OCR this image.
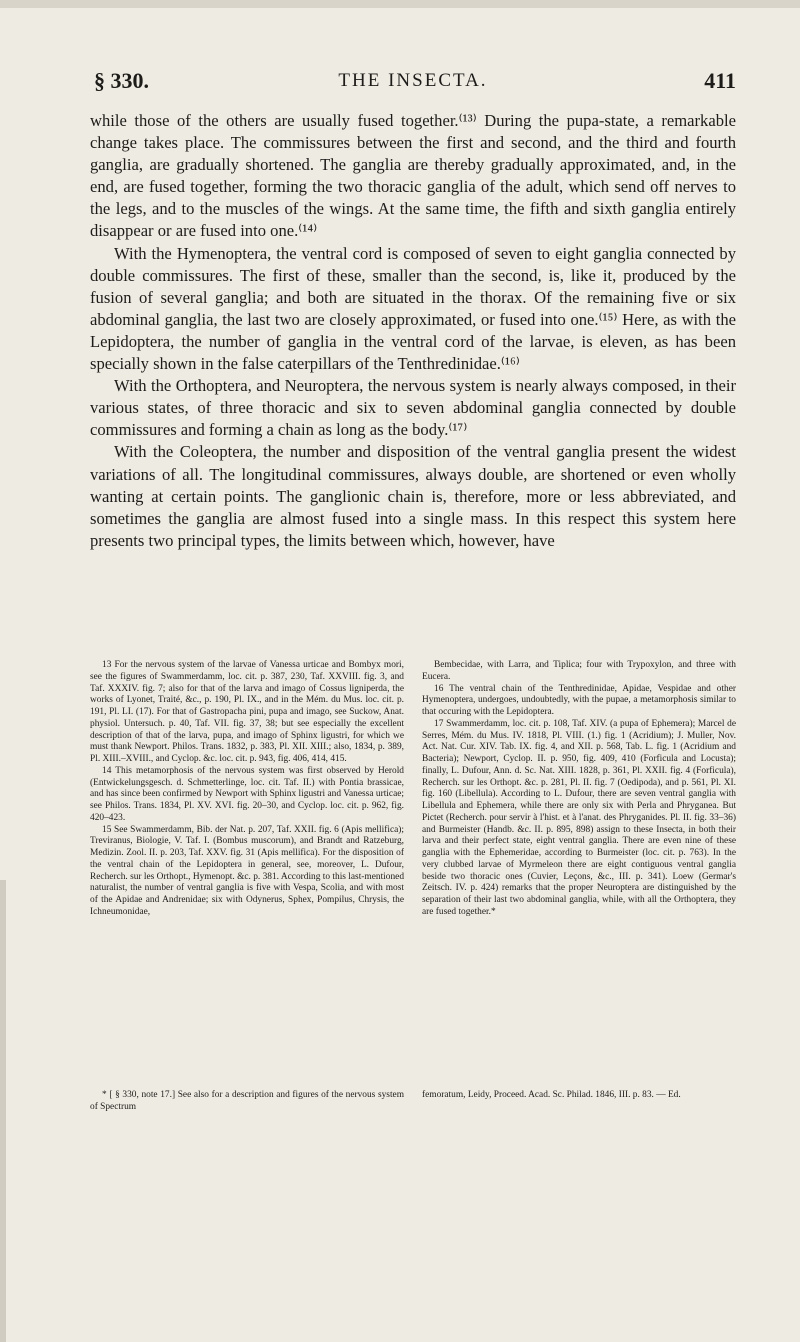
§ 330.	THE INSECTA.	411

while those of the others are usually fused together.⁽¹³⁾ During the pupa-state, a remarkable change takes place. The commissures between the first and second, and the third and fourth ganglia, are gradually shortened. The ganglia are thereby gradually approximated, and, in the end, are fused together, forming the two thoracic ganglia of the adult, which send off nerves to the legs, and to the muscles of the wings. At the same time, the fifth and sixth ganglia entirely disappear or are fused into one.⁽¹⁴⁾

With the Hymenoptera, the ventral cord is composed of seven to eight ganglia connected by double commissures. The first of these, smaller than the second, is, like it, produced by the fusion of several ganglia; and both are situated in the thorax. Of the remaining five or six abdominal ganglia, the last two are closely approximated, or fused into one.⁽¹⁵⁾ Here, as with the Lepidoptera, the number of ganglia in the ventral cord of the larvae, is eleven, as has been specially shown in the false caterpillars of the Tenthredinidae.⁽¹⁶⁾

With the Orthoptera, and Neuroptera, the nervous system is nearly always composed, in their various states, of three thoracic and six to seven abdominal ganglia connected by double commissures and forming a chain as long as the body.⁽¹⁷⁾

With the Coleoptera, the number and disposition of the ventral ganglia present the widest variations of all. The longitudinal commissures, always double, are shortened or even wholly wanting at certain points. The ganglionic chain is, therefore, more or less abbreviated, and sometimes the ganglia are almost fused into a single mass. In this respect this system here presents two principal types, the limits between which, however, have

13 For the nervous system of the larvae of Vanessa urticae and Bombyx mori, see the figures of Swammerdamm, loc. cit. p. 387, 230, Taf. XXVIII. fig. 3, and Taf. XXXIV. fig. 7; also for that of the larva and imago of Cossus ligniperda, the works of Lyonet, Traité, &c., p. 190, Pl. IX., and in the Mém. du Mus. loc. cit. p. 191, Pl. LI. (17). For that of Gastropacha pini, pupa and imago, see Suckow, Anat. physiol. Untersuch. p. 40, Taf. VII. fig. 37, 38; but see especially the excellent description of that of the larva, pupa, and imago of Sphinx ligustri, for which we must thank Newport. Philos. Trans. 1832, p. 383, Pl. XII. XIII.; also, 1834, p. 389, Pl. XIII.–XVIII., and Cyclop. &c. loc. cit. p. 943, fig. 406, 414, 415.

14 This metamorphosis of the nervous system was first observed by Herold (Entwickelungsgesch. d. Schmetterlinge, loc. cit. Taf. II.) with Pontia brassicae, and has since been confirmed by Newport with Sphinx ligustri and Vanessa urticae; see Philos. Trans. 1834, Pl. XV. XVI. fig. 20–30, and Cyclop. loc. cit. p. 962, fig. 420–423.

15 See Swammerdamm, Bib. der Nat. p. 207, Taf. XXII. fig. 6 (Apis mellifica); Treviranus, Biologie, V. Taf. I. (Bombus muscorum), and Brandt and Ratzeburg, Medizin. Zool. II. p. 203, Taf. XXV. fig. 31 (Apis mellifica). For the disposition of the ventral chain of the Lepidoptera in general, see, moreover, L. Dufour, Recherch. sur les Orthopt., Hymenopt. &c. p. 381. According to this last-mentioned naturalist, the number of ventral ganglia is five with Vespa, Scolia, and with most of the Apidae and Andrenidae; six with Odynerus, Sphex, Pompilus, Chrysis, the Ichneumonidae,

Bembecidae, with Larra, and Tiplica; four with Trypoxylon, and three with Eucera.

16 The ventral chain of the Tenthredinidae, Apidae, Vespidae and other Hymenoptera, undergoes, undoubtedly, with the pupae, a metamorphosis similar to that occuring with the Lepidoptera.

17 Swammerdamm, loc. cit. p. 108, Taf. XIV. (a pupa of Ephemera); Marcel de Serres, Mém. du Mus. IV. 1818, Pl. VIII. (1.) fig. 1 (Acridium); J. Muller, Nov. Act. Nat. Cur. XIV. Tab. IX. fig. 4, and XII. p. 568, Tab. L. fig. 1 (Acridium and Bacteria); Newport, Cyclop. II. p. 950, fig. 409, 410 (Forficula and Locusta); finally, L. Dufour, Ann. d. Sc. Nat. XIII. 1828, p. 361, Pl. XXII. fig. 4 (Forficula), Recherch. sur les Orthopt. &c. p. 281, Pl. II. fig. 7 (Oedipoda), and p. 561, Pl. XI. fig. 160 (Libellula). According to L. Dufour, there are seven ventral ganglia with Libellula and Ephemera, while there are only six with Perla and Phryganea. But Pictet (Recherch. pour servir à l'hist. et à l'anat. des Phryganides. Pl. II. fig. 33–36) and Burmeister (Handb. &c. II. p. 895, 898) assign to these Insecta, in both their larva and their perfect state, eight ventral ganglia. There are even nine of these ganglia with the Ephemeridae, according to Burmeister (loc. cit. p. 763). In the very clubbed larvae of Myrmeleon there are eight contiguous ventral ganglia beside two thoracic ones (Cuvier, Leçons, &c., III. p. 341). Loew (Germar's Zeitsch. IV. p. 424) remarks that the proper Neuroptera are distinguished by the separation of their last two abdominal ganglia, while, with all the Orthoptera, they are fused together.*

* [ § 330, note 17.] See also for a description and figures of the nervous system of Spectrum

femoratum, Leidy, Proceed. Acad. Sc. Philad. 1846, III. p. 83. — Ed.
